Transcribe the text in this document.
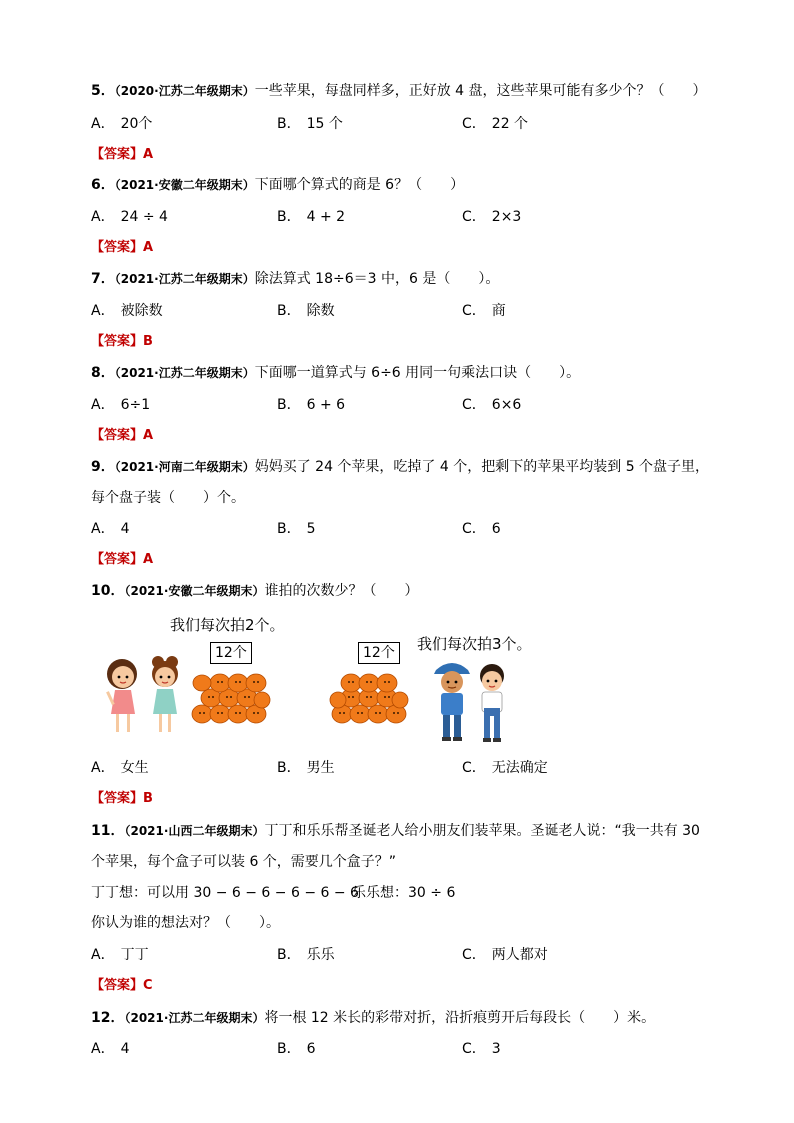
5．（2020·江苏二年级期末）一些苹果，每盘同样多，正好放 4 盘，这些苹果可能有多少个？（　　）
A． 20个	B． 15 个	C． 22 个
【答案】A
6．（2021·安徽二年级期末）下面哪个算式的商是 6？（　　）
A． 24 ÷ 4	B． 4 + 2	C． 2×3
【答案】A
7．（2021·江苏二年级期末）除法算式 18÷6＝3 中，6 是（　　）。
A． 被除数	B． 除数	C． 商
【答案】B
8．（2021·江苏二年级期末）下面哪一道算式与 6÷6 用同一句乘法口诀（　　）。
A． 6÷1	B． 6 + 6	C． 6×6
【答案】A
9．（2021·河南二年级期末）妈妈买了 24 个苹果，吃掉了 4 个，把剩下的苹果平均装到 5 个盘子里，
每个盘子装（　　）个。
A． 4	B． 5	C． 6
【答案】A
10．（2021·安徽二年级期末）谁拍的次数少？（　　）
我们每次拍2个。
12个	12个	我们每次拍3个。
A． 女生	B． 男生	C． 无法确定
【答案】B
11．（2021·山西二年级期末）丁丁和乐乐帮圣诞老人给小朋友们装苹果。圣诞老人说：“我一共有 30
个苹果，每个盒子可以装 6 个，需要几个盒子？”
丁丁想：可以用 30 − 6 − 6 − 6 − 6 − 6
乐乐想：30 ÷ 6
你认为谁的想法对？（　　）。
A． 丁丁	B． 乐乐	C． 两人都对
【答案】C
12．（2021·江苏二年级期末）将一根 12 米长的彩带对折，沿折痕剪开后每段长（　　）米。
A． 4	B． 6	C． 3
